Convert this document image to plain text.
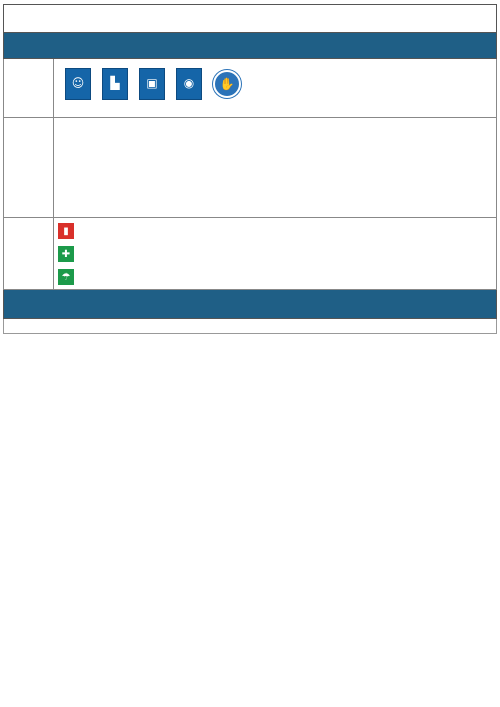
☺ ▙ ▣ ◉	✋
▮
✚
☂
